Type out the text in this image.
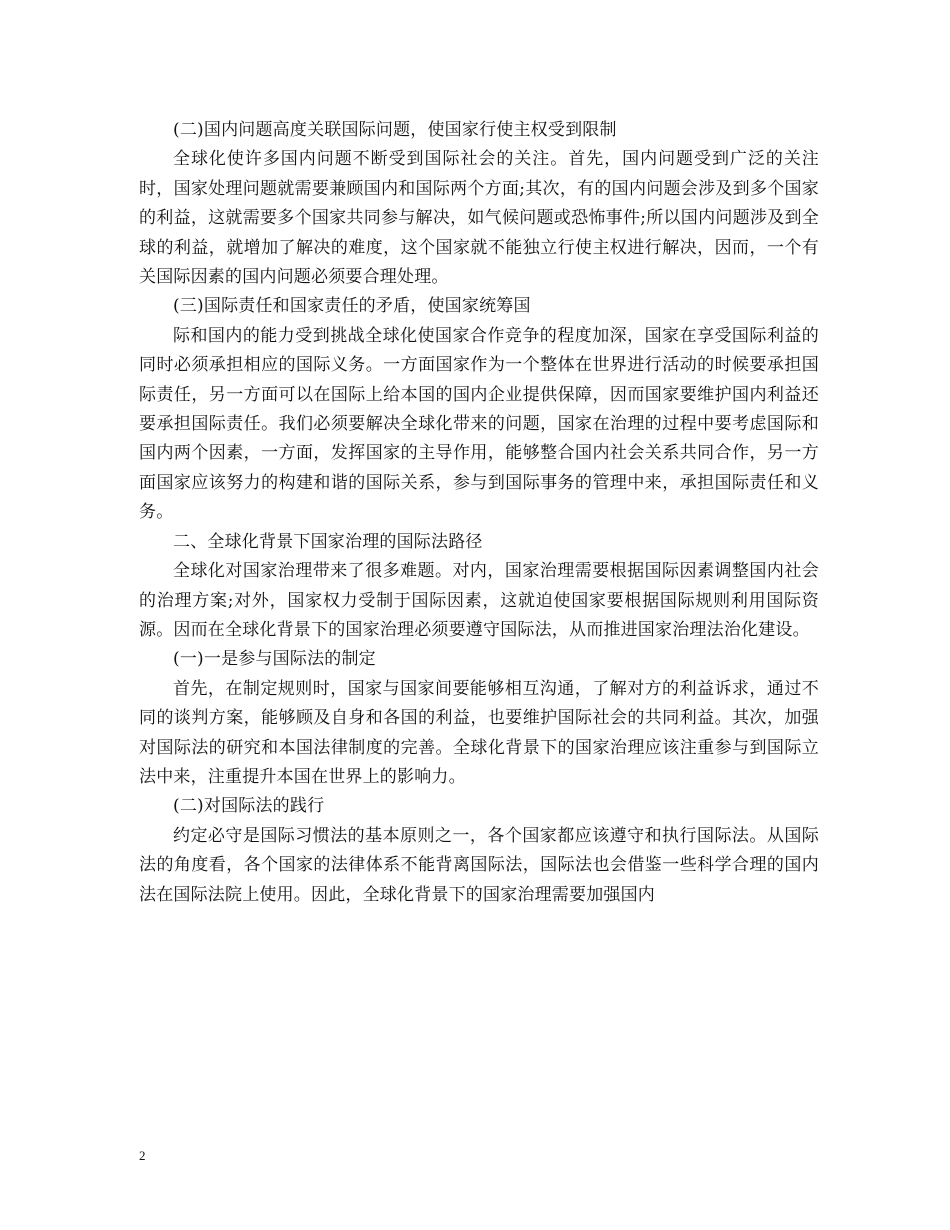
(二)国内问题高度关联国际问题，使国家行使主权受到限制

全球化使许多国内问题不断受到国际社会的关注。首先，国内问题受到广泛的关注时，国家处理问题就需要兼顾国内和国际两个方面;其次，有的国内问题会涉及到多个国家的利益，这就需要多个国家共同参与解决，如气候问题或恐怖事件;所以国内问题涉及到全球的利益，就增加了解决的难度，这个国家就不能独立行使主权进行解决，因而，一个有关国际因素的国内问题必须要合理处理。

(三)国际责任和国家责任的矛盾，使国家统筹国

际和国内的能力受到挑战全球化使国家合作竞争的程度加深，国家在享受国际利益的同时必须承担相应的国际义务。一方面国家作为一个整体在世界进行活动的时候要承担国际责任，另一方面可以在国际上给本国的国内企业提供保障，因而国家要维护国内利益还要承担国际责任。我们必须要解决全球化带来的问题，国家在治理的过程中要考虑国际和国内两个因素，一方面，发挥国家的主导作用，能够整合国内社会关系共同合作，另一方面国家应该努力的构建和谐的国际关系，参与到国际事务的管理中来，承担国际责任和义务。

二、全球化背景下国家治理的国际法路径

全球化对国家治理带来了很多难题。对内，国家治理需要根据国际因素调整国内社会的治理方案;对外，国家权力受制于国际因素，这就迫使国家要根据国际规则利用国际资源。因而在全球化背景下的国家治理必须要遵守国际法，从而推进国家治理法治化建设。

(一)一是参与国际法的制定

首先，在制定规则时，国家与国家间要能够相互沟通，了解对方的利益诉求，通过不同的谈判方案，能够顾及自身和各国的利益，也要维护国际社会的共同利益。其次，加强对国际法的研究和本国法律制度的完善。全球化背景下的国家治理应该注重参与到国际立法中来，注重提升本国在世界上的影响力。

(二)对国际法的践行

约定必守是国际习惯法的基本原则之一，各个国家都应该遵守和执行国际法。从国际法的角度看，各个国家的法律体系不能背离国际法，国际法也会借鉴一些科学合理的国内法在国际法院上使用。因此，全球化背景下的国家治理需要加强国内

2
